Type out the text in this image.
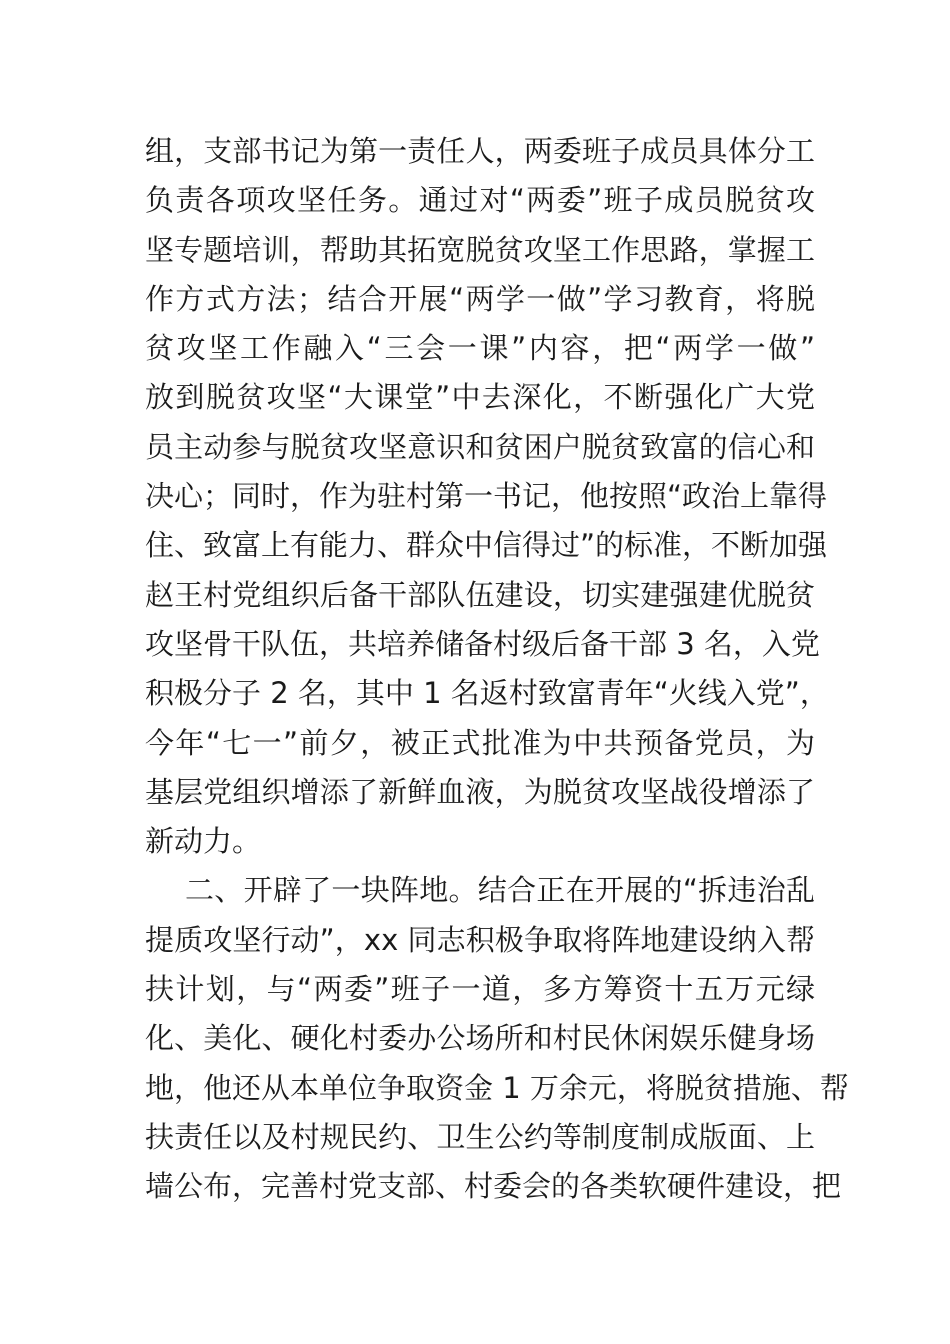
组，支部书记为第一责任人，两委班子成员具体分工
负责各项攻坚任务。通过对“两委”班子成员脱贫攻
坚专题培训，帮助其拓宽脱贫攻坚工作思路，掌握工
作方式方法；结合开展“两学一做”学习教育，将脱
贫攻坚工作融入“三会一课”内容，把“两学一做”
放到脱贫攻坚“大课堂”中去深化，不断强化广大党
员主动参与脱贫攻坚意识和贫困户脱贫致富的信心和
决心；同时，作为驻村第一书记，他按照“政治上靠得
住、致富上有能力、群众中信得过”的标准，不断加强
赵王村党组织后备干部队伍建设，切实建强建优脱贫
攻坚骨干队伍，共培养储备村级后备干部 3 名，入党
积极分子 2 名，其中 1 名返村致富青年“火线入党”，
今年“七一”前夕，被正式批准为中共预备党员，为
基层党组织增添了新鲜血液，为脱贫攻坚战役增添了
新动力。
二、开辟了一块阵地。结合正在开展的“拆违治乱
提质攻坚行动”，xx 同志积极争取将阵地建设纳入帮
扶计划，与“两委”班子一道，多方筹资十五万元绿
化、美化、硬化村委办公场所和村民休闲娱乐健身场
地，他还从本单位争取资金 1 万余元，将脱贫措施、帮
扶责任以及村规民约、卫生公约等制度制成版面、上
墙公布，完善村党支部、村委会的各类软硬件建设，把
